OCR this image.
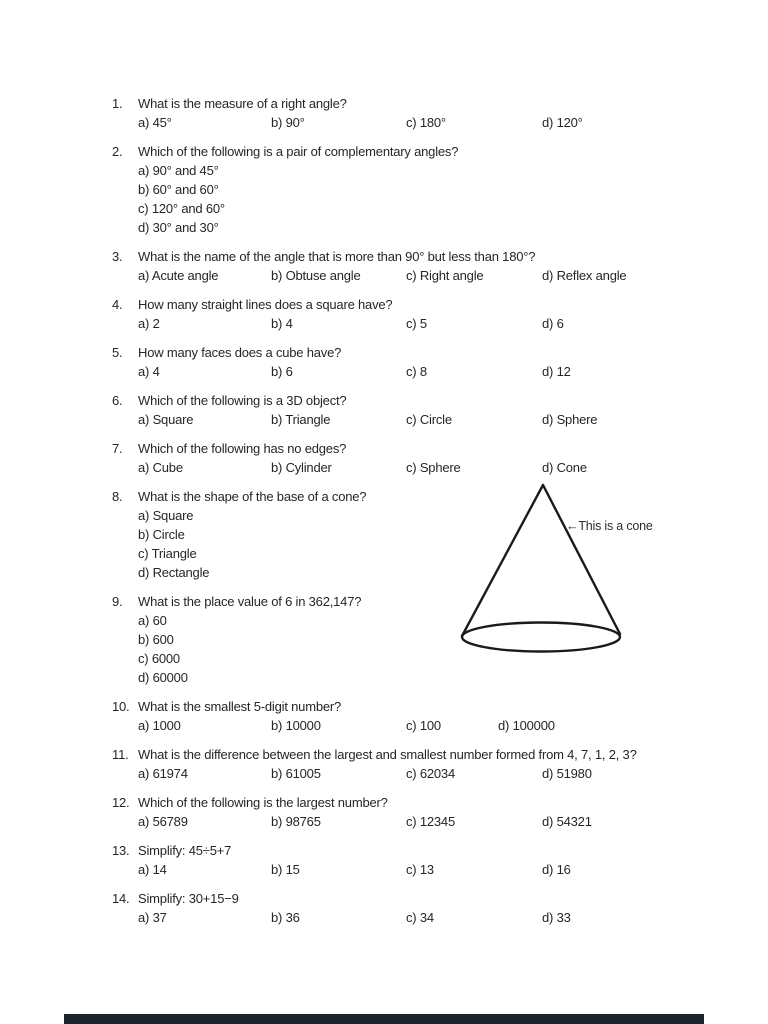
1.	What is the measure of a right angle?
a) 45°	b) 90°	c) 180°	d) 120°
2.	Which of the following is a pair of complementary angles?
a) 90° and 45°
b) 60° and 60°
c) 120° and 60°
d) 30° and 30°
3.	What is the name of the angle that is more than 90° but less than 180°?
a) Acute angle	b) Obtuse angle	c) Right angle	d) Reflex angle
4.	How many straight lines does a square have?
a) 2	b) 4	c) 5	d) 6
5.	How many faces does a cube have?
a) 4	b) 6	c) 8	d) 12
6.	Which of the following is a 3D object?
a) Square	b) Triangle	c) Circle	d) Sphere
7.	Which of the following has no edges?
a) Cube	b) Cylinder	c) Sphere	d) Cone
8.	What is the shape of the base of a cone?
a) Square
b) Circle
c) Triangle
d) Rectangle
9.	What is the place value of 6 in 362,147?
a) 60
b) 600
c) 6000
d) 60000
10. What is the smallest 5-digit number?
a) 1000	b) 10000	c) 100	d) 100000
11. What is the difference between the largest and smallest number formed from 4, 7, 1, 2, 3?
a) 61974	b) 61005	c) 62034	d) 51980
12. Which of the following is the largest number?
a) 56789	b) 98765	c) 12345	d) 54321
13. Simplify: 45÷5+7
a) 14	b) 15	c) 13	d) 16
14. Simplify: 30+15−9
a) 37	b) 36	c) 34	d) 33
←This is a cone
